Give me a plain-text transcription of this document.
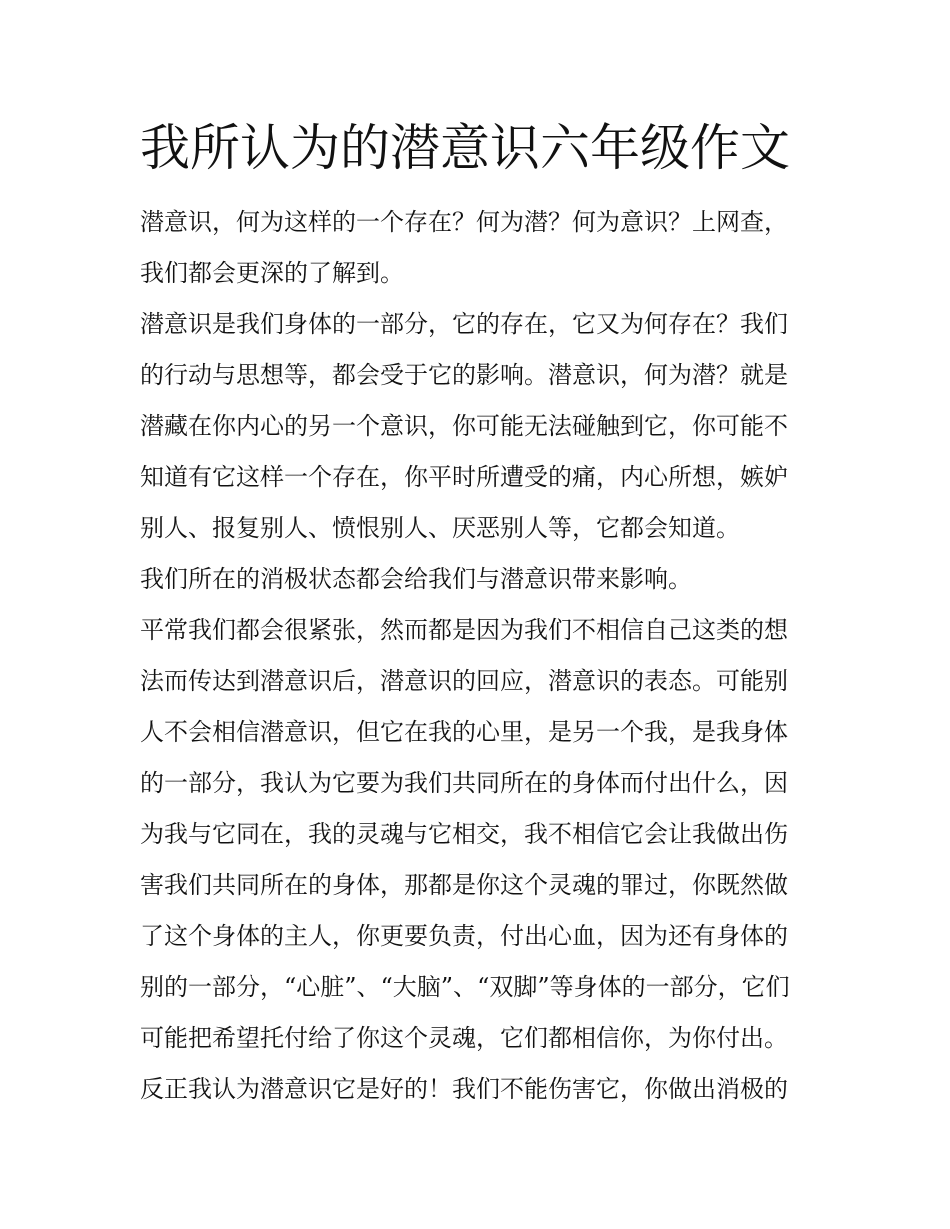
我所认为的潜意识六年级作文
潜意识，何为这样的一个存在？何为潜？何为意识？上网查，
我们都会更深的了解到。
潜意识是我们身体的一部分，它的存在，它又为何存在？我们
的行动与思想等，都会受于它的影响。潜意识，何为潜？就是
潜藏在你内心的另一个意识，你可能无法碰触到它，你可能不
知道有它这样一个存在，你平时所遭受的痛，内心所想，嫉妒
别人、报复别人、愤恨别人、厌恶别人等，它都会知道。
我们所在的消极状态都会给我们与潜意识带来影响。
平常我们都会很紧张，然而都是因为我们不相信自己这类的想
法而传达到潜意识后，潜意识的回应，潜意识的表态。可能别
人不会相信潜意识，但它在我的心里，是另一个我，是我身体
的一部分，我认为它要为我们共同所在的身体而付出什么，因
为我与它同在，我的灵魂与它相交，我不相信它会让我做出伤
害我们共同所在的身体，那都是你这个灵魂的罪过，你既然做
了这个身体的主人，你更要负责，付出心血，因为还有身体的
别的一部分，“心脏”、“大脑”、“双脚”等身体的一部分，它们
可能把希望托付给了你这个灵魂，它们都相信你，为你付出。
反正我认为潜意识它是好的！我们不能伤害它，你做出消极的
